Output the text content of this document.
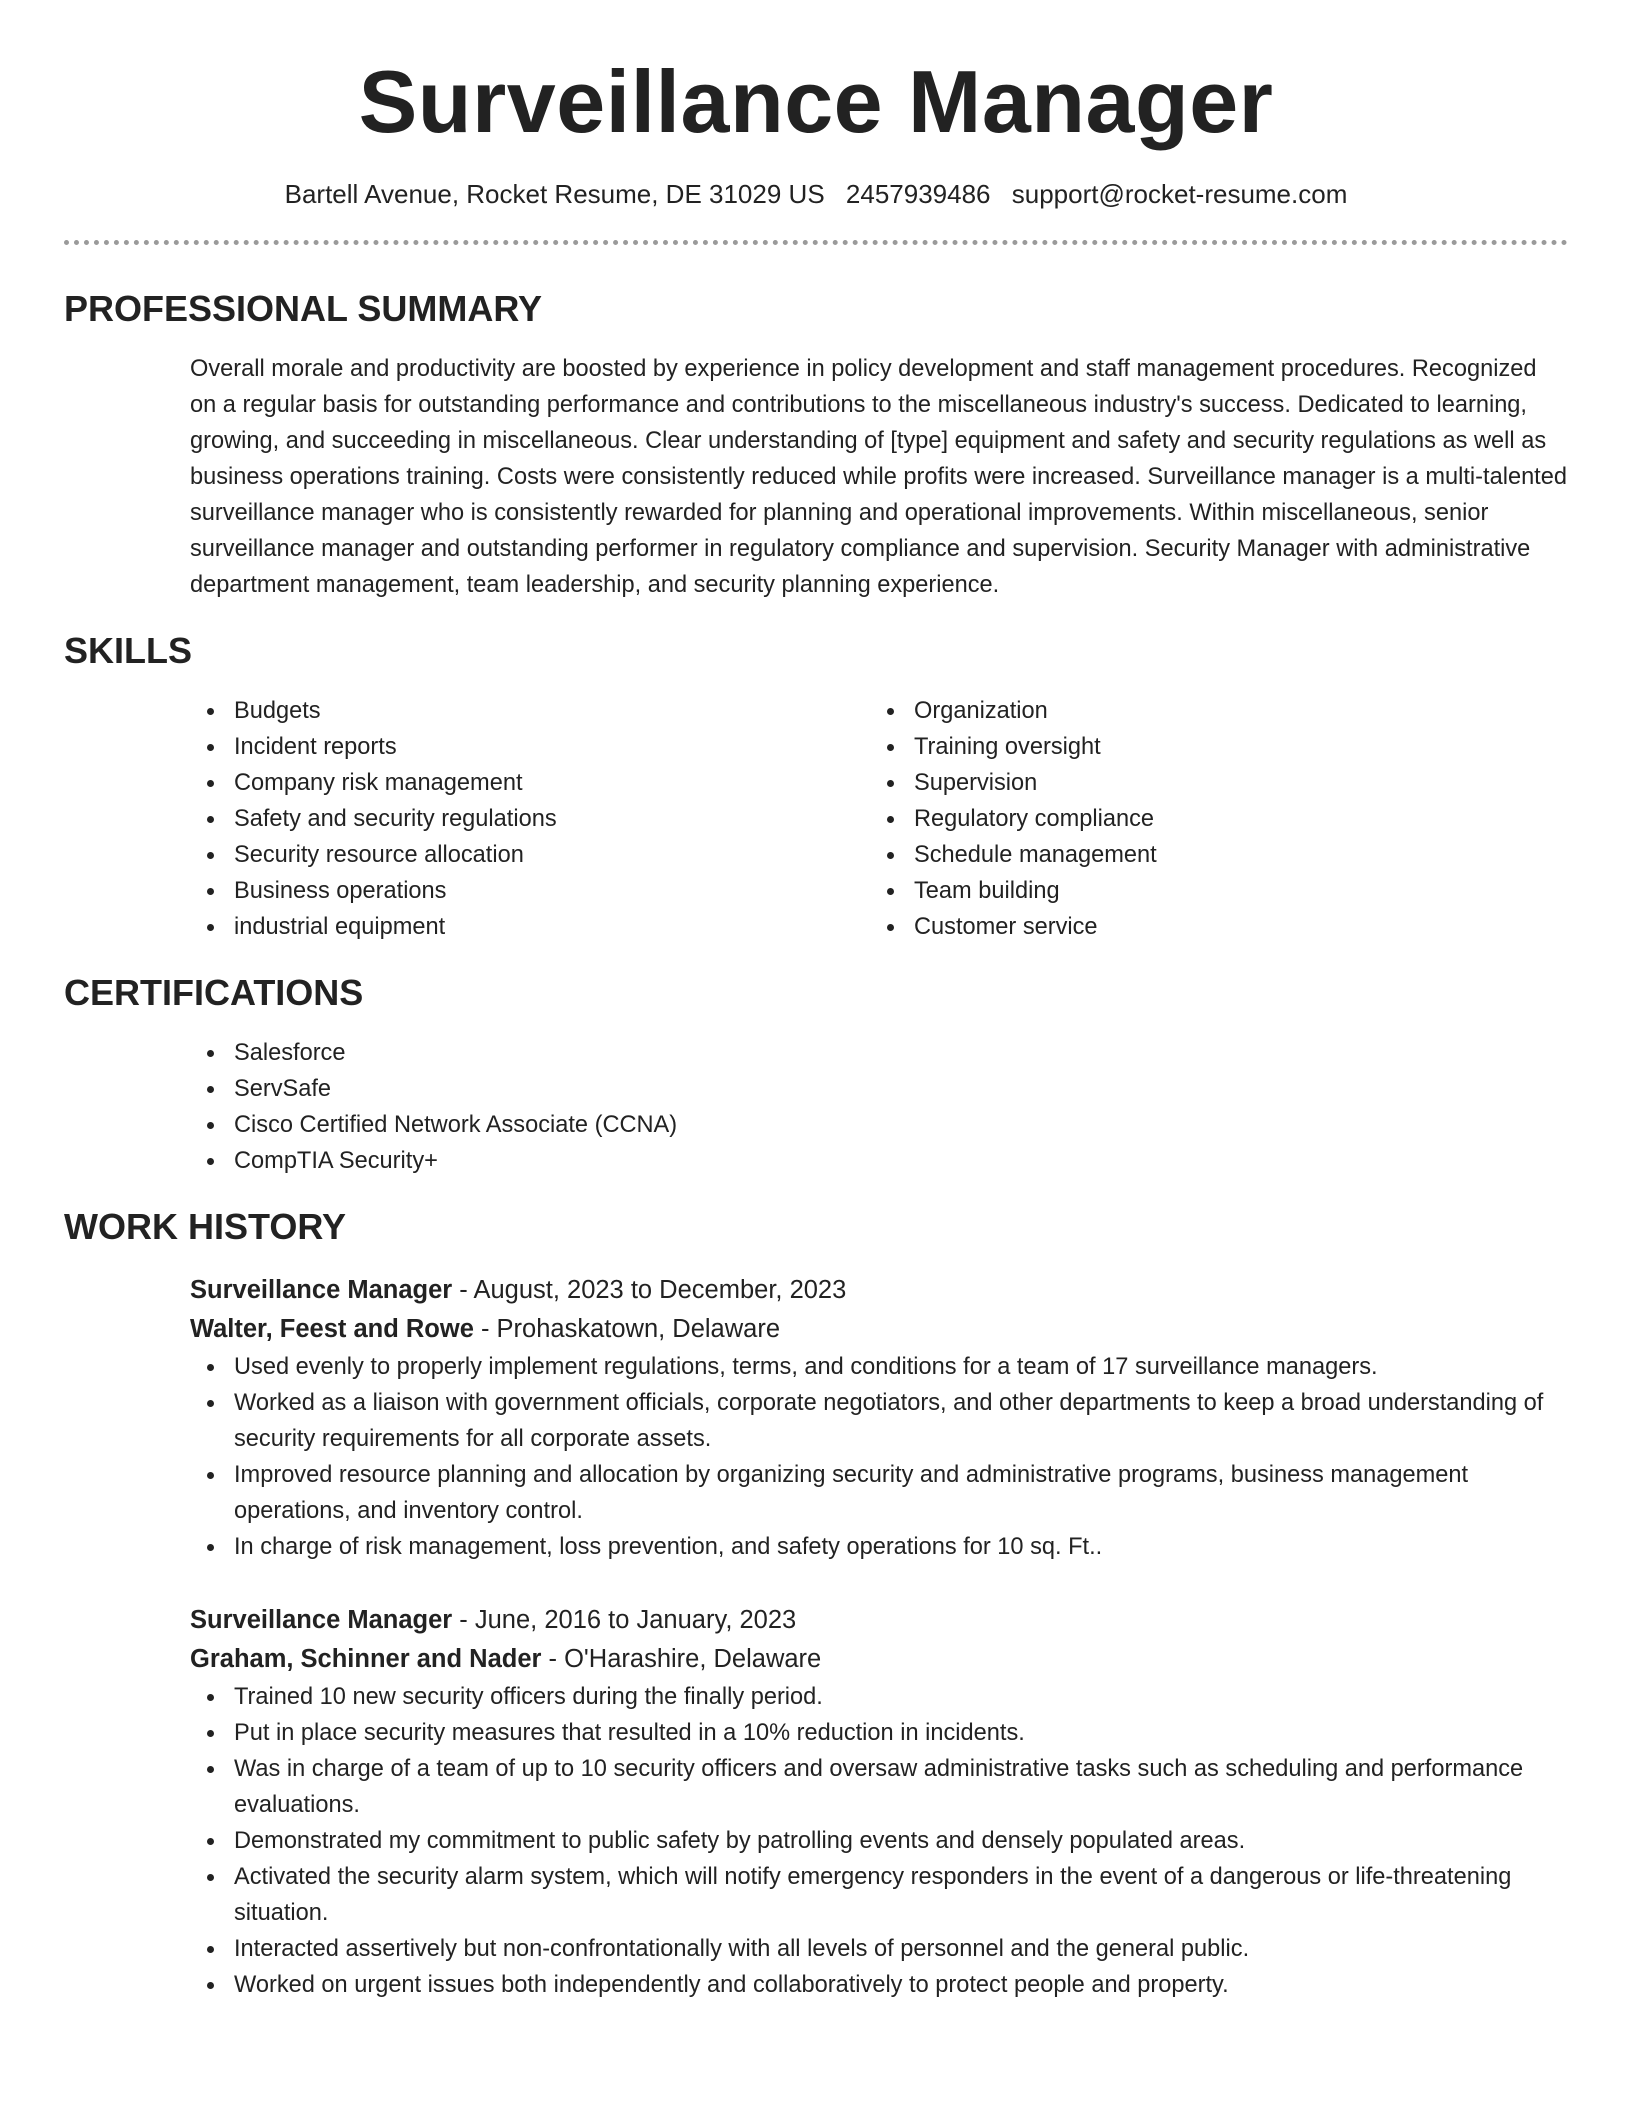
Surveillance Manager
Bartell Avenue, Rocket Resume, DE 31029 US 2457939486 support@rocket-resume.com
PROFESSIONAL SUMMARY
Overall morale and productivity are boosted by experience in policy development and staff management procedures. Recognized on a regular basis for outstanding performance and contributions to the miscellaneous industry's success. Dedicated to learning, growing, and succeeding in miscellaneous. Clear understanding of [type] equipment and safety and security regulations as well as business operations training. Costs were consistently reduced while profits were increased. Surveillance manager is a multi-talented surveillance manager who is consistently rewarded for planning and operational improvements. Within miscellaneous, senior surveillance manager and outstanding performer in regulatory compliance and supervision. Security Manager with administrative department management, team leadership, and security planning experience.
SKILLS
Budgets
Incident reports
Company risk management
Safety and security regulations
Security resource allocation
Business operations
industrial equipment
Organization
Training oversight
Supervision
Regulatory compliance
Schedule management
Team building
Customer service
CERTIFICATIONS
Salesforce
ServSafe
Cisco Certified Network Associate (CCNA)
CompTIA Security+
WORK HISTORY
Surveillance Manager - August, 2023 to December, 2023
Walter, Feest and Rowe - Prohaskatown, Delaware
Used evenly to properly implement regulations, terms, and conditions for a team of 17 surveillance managers.
Worked as a liaison with government officials, corporate negotiators, and other departments to keep a broad understanding of security requirements for all corporate assets.
Improved resource planning and allocation by organizing security and administrative programs, business management operations, and inventory control.
In charge of risk management, loss prevention, and safety operations for 10 sq. Ft..
Surveillance Manager - June, 2016 to January, 2023
Graham, Schinner and Nader - O'Harashire, Delaware
Trained 10 new security officers during the finally period.
Put in place security measures that resulted in a 10% reduction in incidents.
Was in charge of a team of up to 10 security officers and oversaw administrative tasks such as scheduling and performance evaluations.
Demonstrated my commitment to public safety by patrolling events and densely populated areas.
Activated the security alarm system, which will notify emergency responders in the event of a dangerous or life-threatening situation.
Interacted assertively but non-confrontationally with all levels of personnel and the general public.
Worked on urgent issues both independently and collaboratively to protect people and property.
